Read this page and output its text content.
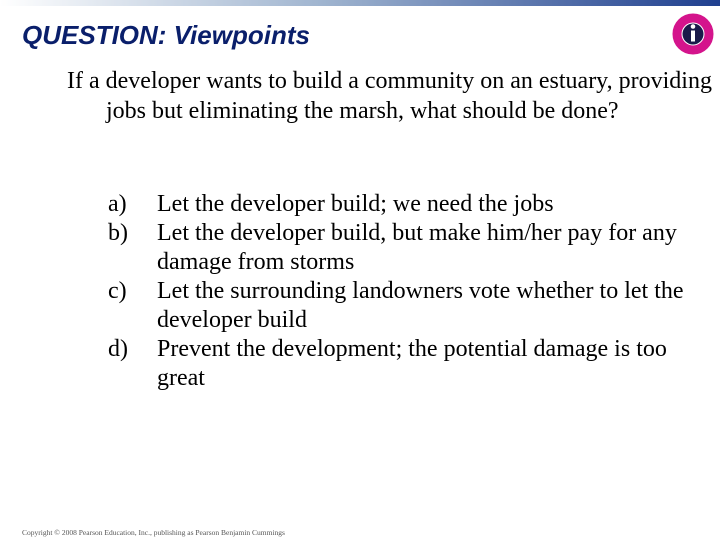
QUESTION: Viewpoints

If a developer wants to build a community on an estuary, providing jobs but eliminating the marsh, what should be done?

a)	Let the developer build; we need the jobs
b)	Let the developer build, but make him/her pay for any damage from storms
c)	Let the surrounding landowners vote whether to let the developer build
d)	Prevent the development; the potential damage is too great
Copyright © 2008 Pearson Education, Inc., publishing as Pearson Benjamin Cummings
